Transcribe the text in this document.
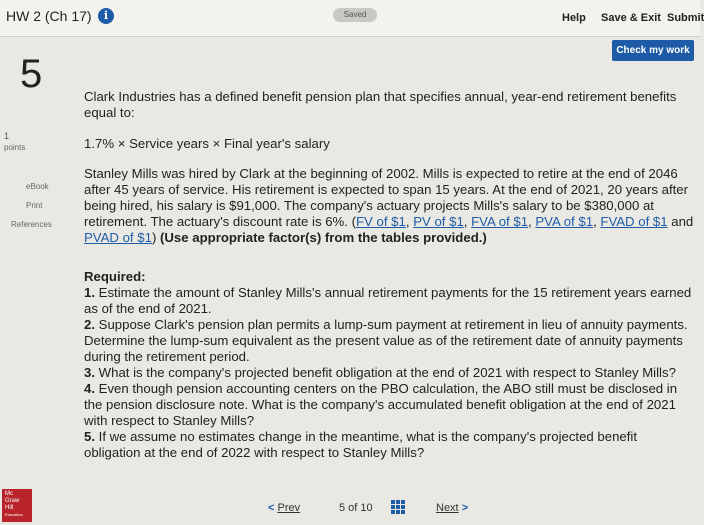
HW 2 (Ch 17)	i	Saved	Help Save & Exit Submit
Check my work
5
1
points
eBook
Print
References

Clark Industries has a defined benefit pension plan that specifies annual, year-end retirement benefits equal to:

1.7% × Service years × Final year's salary

Stanley Mills was hired by Clark at the beginning of 2002. Mills is expected to retire at the end of 2046 after 45 years of service. His retirement is expected to span 15 years. At the end of 2021, 20 years after being hired, his salary is $91,000. The company's actuary projects Mills's salary to be $380,000 at retirement. The actuary's discount rate is 6%. (FV of $1, PV of $1, FVA of $1, PVA of $1, FVAD of $1 and PVAD of $1) (Use appropriate factor(s) from the tables provided.)

Required:

1. Estimate the amount of Stanley Mills's annual retirement payments for the 15 retirement years earned as of the end of 2021.

2. Suppose Clark's pension plan permits a lump-sum payment at retirement in lieu of annuity payments. Determine the lump-sum equivalent as the present value as of the retirement date of annuity payments during the retirement period.

3. What is the company's projected benefit obligation at the end of 2021 with respect to Stanley Mills?

4. Even though pension accounting centers on the PBO calculation, the ABO still must be disclosed in the pension disclosure note. What is the company's accumulated benefit obligation at the end of 2021 with respect to Stanley Mills?

5. If we assume no estimates change in the meantime, what is the company's projected benefit obligation at the end of 2022 with respect to Stanley Mills?

Mc
Graw
Hill
Education
< Prev	5 of 10	Next >
